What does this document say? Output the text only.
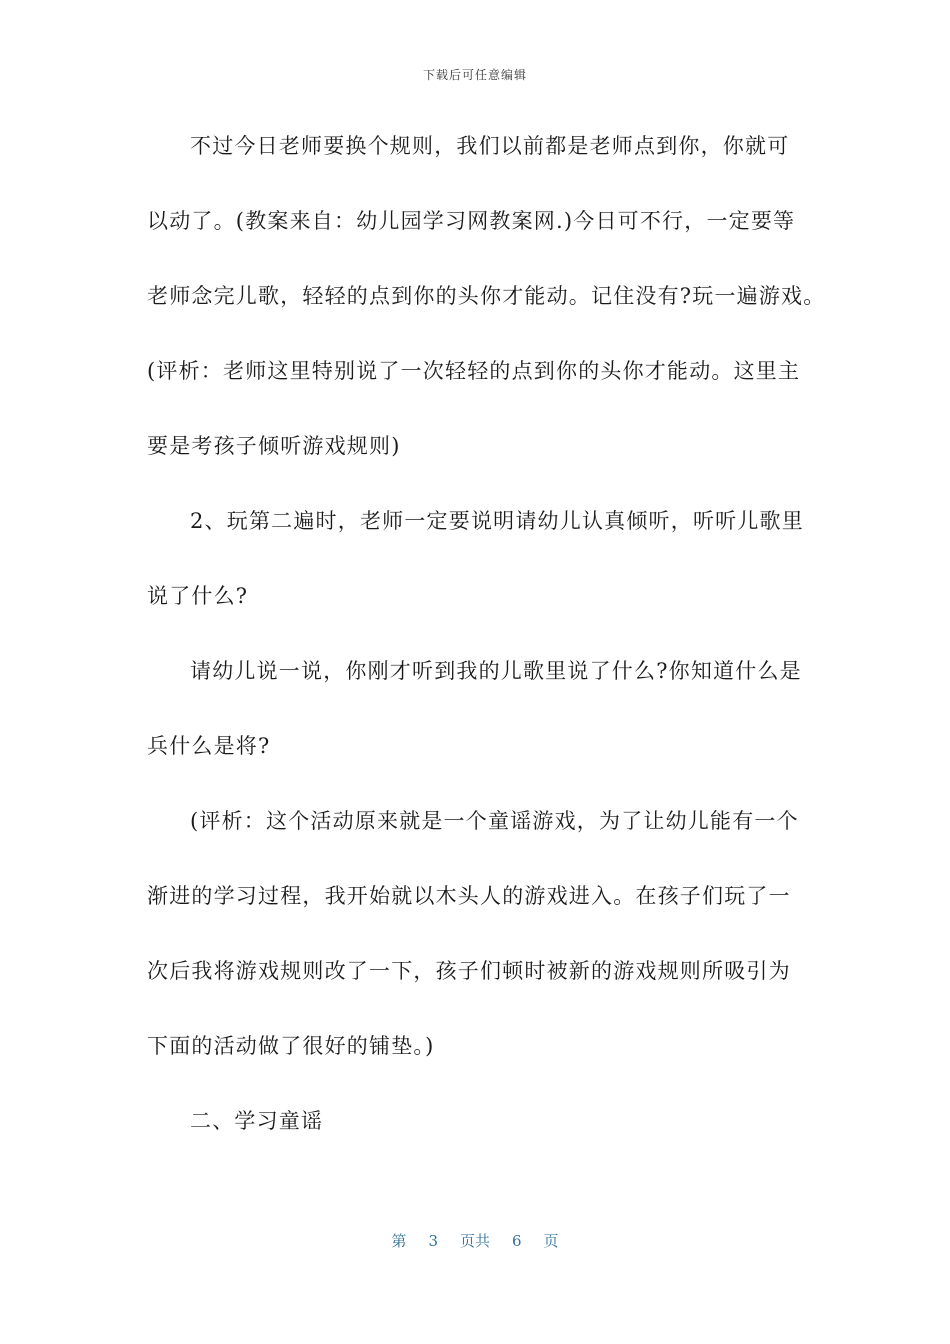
下载后可任意编辑
不过今日老师要换个规则，我们以前都是老师点到你，你就可
以动了。(教案来自：幼儿园学习网教案网.)今日可不行，一定要等
老师念完儿歌，轻轻的点到你的头你才能动。记住没有?玩一遍游戏。
(评析：老师这里特别说了一次轻轻的点到你的头你才能动。这里主
要是考孩子倾听游戏规则)
2、玩第二遍时，老师一定要说明请幼儿认真倾听，听听儿歌里
说了什么?
请幼儿说一说，你刚才听到我的儿歌里说了什么?你知道什么是
兵什么是将?
(评析：这个活动原来就是一个童谣游戏，为了让幼儿能有一个
渐进的学习过程，我开始就以木头人的游戏进入。在孩子们玩了一
次后我将游戏规则改了一下，孩子们顿时被新的游戏规则所吸引为
下面的活动做了很好的铺垫。)
二、学习童谣
第 3 页共 6 页
